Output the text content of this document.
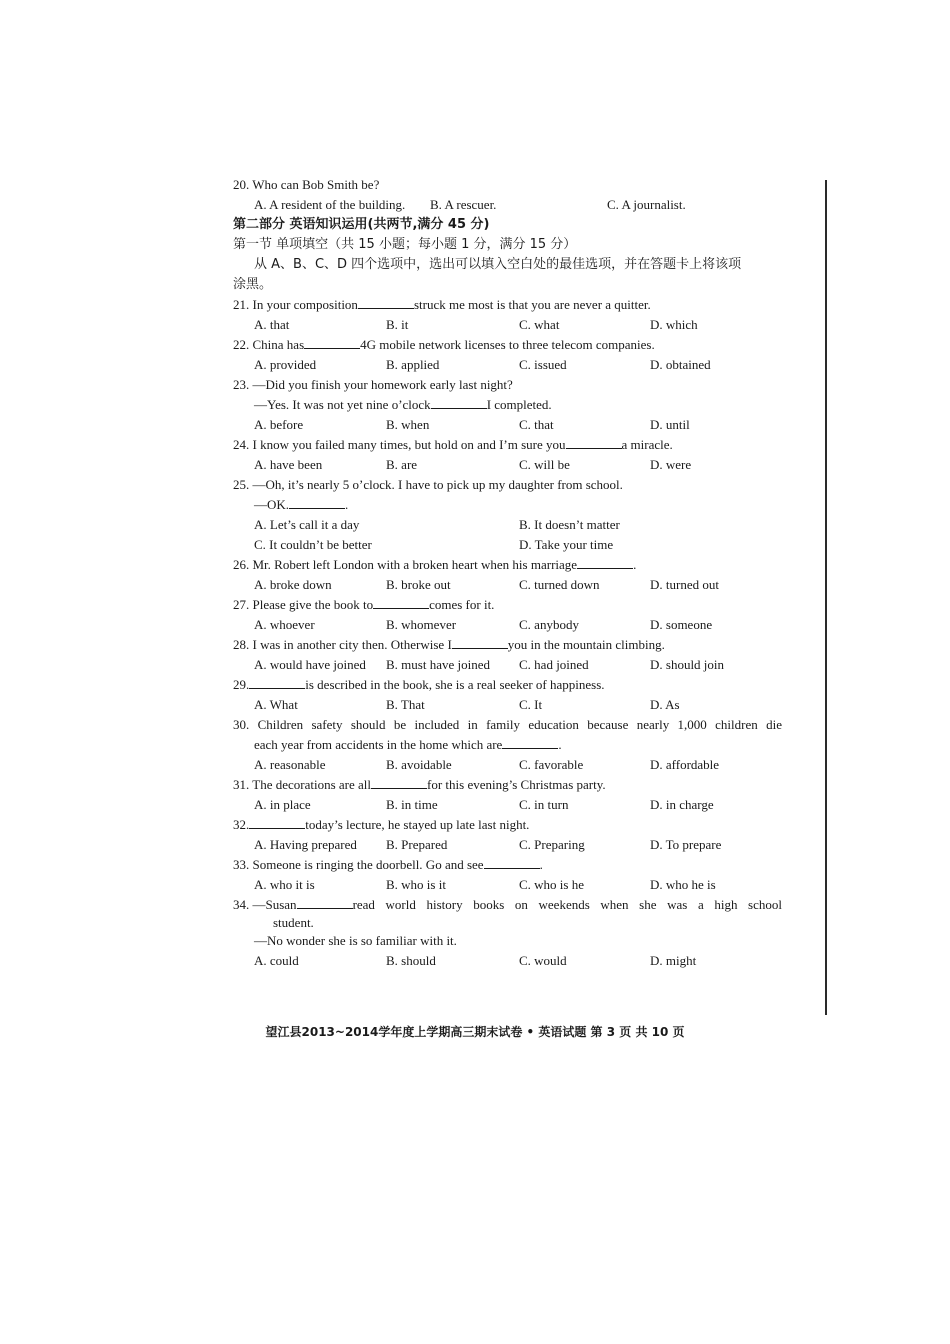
20. Who can Bob Smith be?
A. A resident of the building. B. A rescuer.	C. A journalist.
第二部分 英语知识运用(共两节,满分 45 分)
第一节 单项填空（共 15 小题；每小题 1 分，满分 15 分）
从 A、B、C、D 四个选项中，选出可以填入空白处的最佳选项，并在答题卡上将该项
涂黑。
21. In your composition	struck me most is that you are never a quitter.
A. that	B. it	C. what	D. which
22. China has	4G mobile network licenses to three telecom companies.
A. provided	B. applied	C. issued	D. obtained
23. —Did you finish your homework early last night?
—Yes. It was not yet nine o’clock	I completed.
A. before	B. when	C. that	D. until
24. I know you failed many times, but hold on and I’m sure you	a miracle.
A. have been	B. are	C. will be	D. were
25. —Oh, it’s nearly 5 o’clock. I have to pick up my daughter from school.
—OK.	.
A. Let’s call it a day	B. It doesn’t matter
C. It couldn’t be better	D. Take your time
26. Mr. Robert left London with a broken heart when his marriage	.
A. broke down	B. broke out	C. turned down	D. turned out
27. Please give the book to	comes for it.
A. whoever	B. whomever	C. anybody	D. someone
28. I was in another city then. Otherwise I	you in the mountain climbing.
A. would have joined B. must have joined C. had joined	D. should join
29.	is described in the book, she is a real seeker of happiness.
A. What	B. That	C. It	D. As
30. Children safety should be included in family education because nearly 1,000 children die
each year from accidents in the home which are	.
A. reasonable	B. avoidable	C. favorable	D. affordable
31. The decorations are all	for this evening’s Christmas party.
A. in place	B. in time	C. in turn	D. in charge
32.	today’s lecture, he stayed up late last night.
A. Having prepared B. Prepared	C. Preparing	D. To prepare
33. Someone is ringing the doorbell. Go and see	.
A. who it is	B. who is it	C. who is he	D. who he is
34. —Susan	read world history books on weekends when she was a high school
student.
—No wonder she is so familiar with it.
A. could	B. should	C. would	D. might
望江县2013~2014学年度上学期高三期末试卷 • 英语试题 第 3 页 共 10 页
